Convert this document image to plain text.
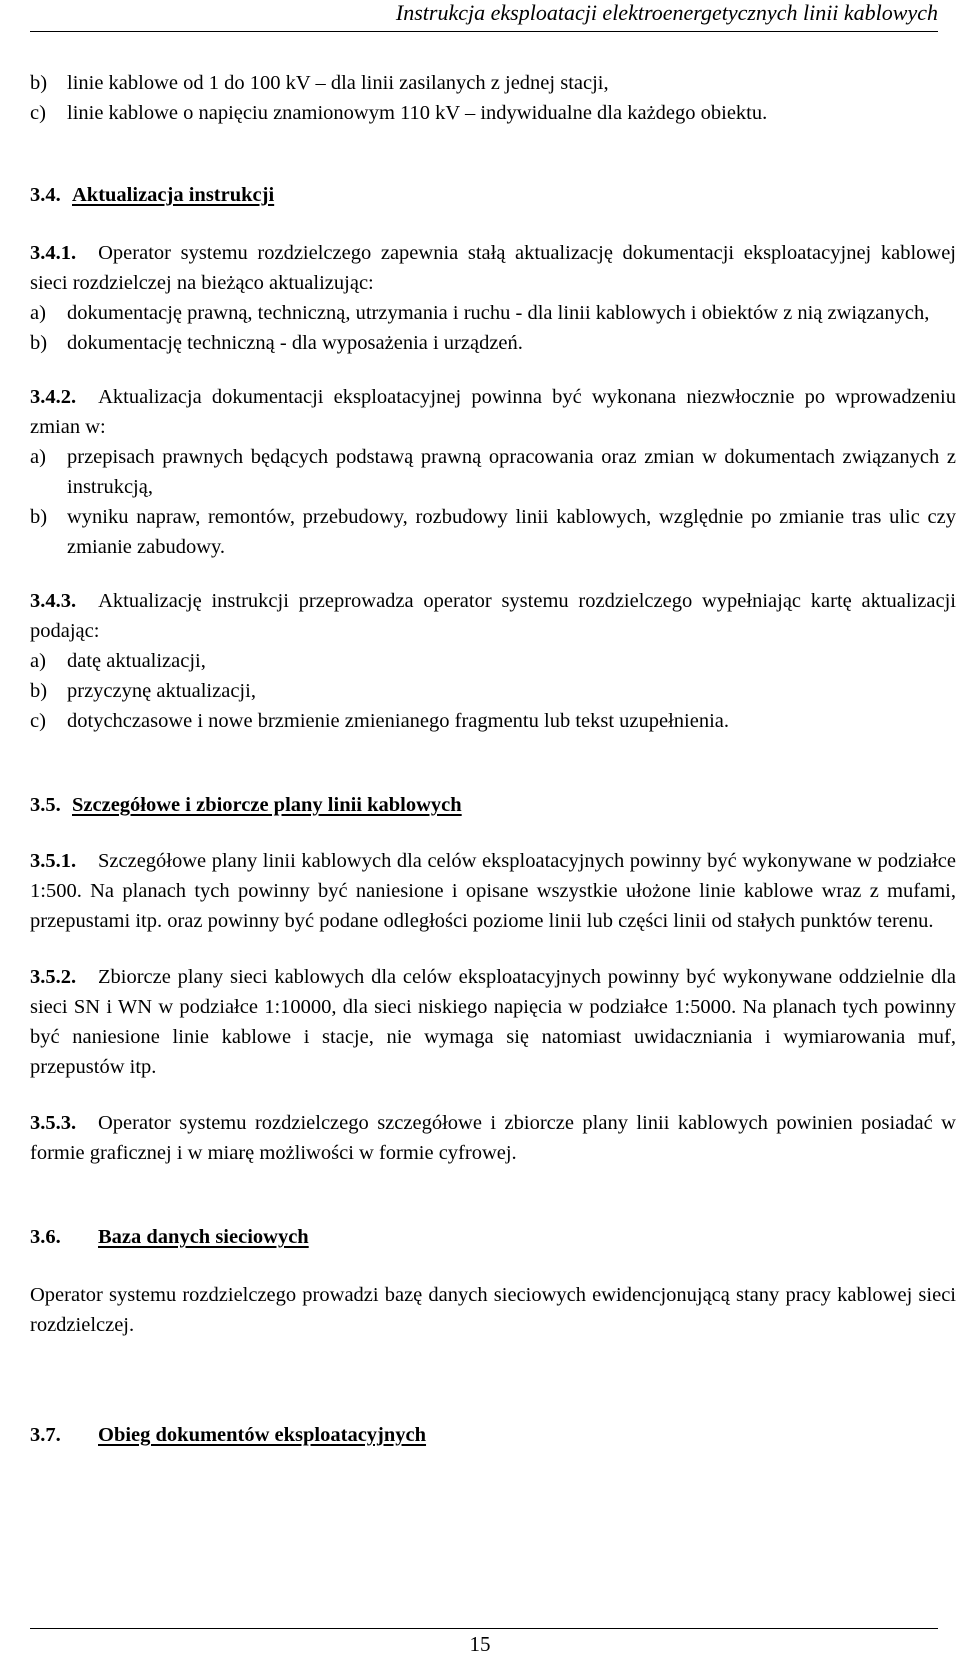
Instrukcja eksploatacji elektroenergetycznych linii kablowych
b) linie kablowe od 1 do 100 kV – dla linii zasilanych z jednej stacji,
c) linie kablowe o napięciu znamionowym 110 kV – indywidualne dla każdego obiektu.
3.4. Aktualizacja instrukcji

3.4.1. Operator systemu rozdzielczego zapewnia stałą aktualizację dokumentacji eksploatacyjnej kablowej sieci rozdzielczej na bieżąco aktualizując:

a) dokumentację prawną, techniczną, utrzymania i ruchu - dla linii kablowych i obiektów z nią związanych,
b) dokumentację techniczną - dla wyposażenia i urządzeń.

3.4.2. Aktualizacja dokumentacji eksploatacyjnej powinna być wykonana niezwłocznie po wprowadzeniu zmian w:

a) przepisach prawnych będących podstawą prawną opracowania oraz zmian w dokumentach związanych z instrukcją,
b) wyniku napraw, remontów, przebudowy, rozbudowy linii kablowych, względnie po zmianie tras ulic czy zmianie zabudowy.

3.4.3. Aktualizację instrukcji przeprowadza operator systemu rozdzielczego wypełniając kartę aktualizacji podając:

a) datę aktualizacji,
b) przyczynę aktualizacji,
c) dotychczasowe i nowe brzmienie zmienianego fragmentu lub tekst uzupełnienia.
3.5. Szczegółowe i zbiorcze plany linii kablowych

3.5.1. Szczegółowe plany linii kablowych dla celów eksploatacyjnych powinny być wykonywane w podziałce 1:500. Na planach tych powinny być naniesione i opisane wszystkie ułożone linie kablowe wraz z mufami, przepustami itp. oraz powinny być podane odległości poziome linii lub części linii od stałych punktów terenu.

3.5.2. Zbiorcze plany sieci kablowych dla celów eksploatacyjnych powinny być wykonywane oddzielnie dla sieci SN i WN w podziałce 1:10000, dla sieci niskiego napięcia w podziałce 1:5000. Na planach tych powinny być naniesione linie kablowe i stacje, nie wymaga się natomiast uwidaczniania i wymiarowania muf, przepustów itp.

3.5.3. Operator systemu rozdzielczego szczegółowe i zbiorcze plany linii kablowych powinien posiadać w formie graficznej i w miarę możliwości w formie cyfrowej.

3.6. Baza danych sieciowych

Operator systemu rozdzielczego prowadzi bazę danych sieciowych ewidencjonującą stany pracy kablowej sieci rozdzielczej.

3.7. Obieg dokumentów eksploatacyjnych
15
